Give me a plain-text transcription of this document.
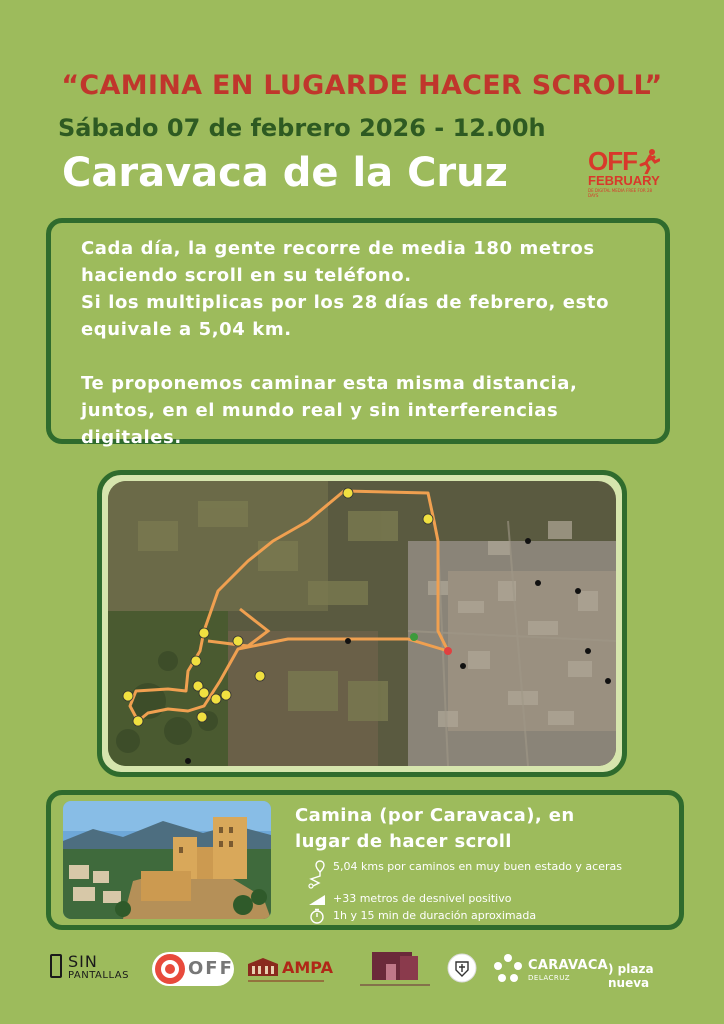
“CAMINA EN LUGARDE HACER SCROLL”
Sábado 07 de febrero 2026 - 12.00h
Caravaca de la Cruz	OFF
FEBRUARY
DE DIGITAL MEDIA FREE FOR 28 DAYS

Cada día, la gente recorre de media 180 metros

haciendo scroll en su teléfono.

Si los multiplicas por los 28 días de febrero, esto

equivale a 5,04 km.

Te proponemos caminar esta misma distancia,

juntos, en el mundo real y sin interferencias

digitales.

Camina (por Caravaca), en
lugar de hacer scroll
5,04 kms por caminos en muy buen estado y aceras
+33 metros de desnivel positivo
1h y 15 min de duración aproximada
SIN
PANTALLAS	OFF	AMPA	CARAVACA
DELACRUZ
) plaza nueva
